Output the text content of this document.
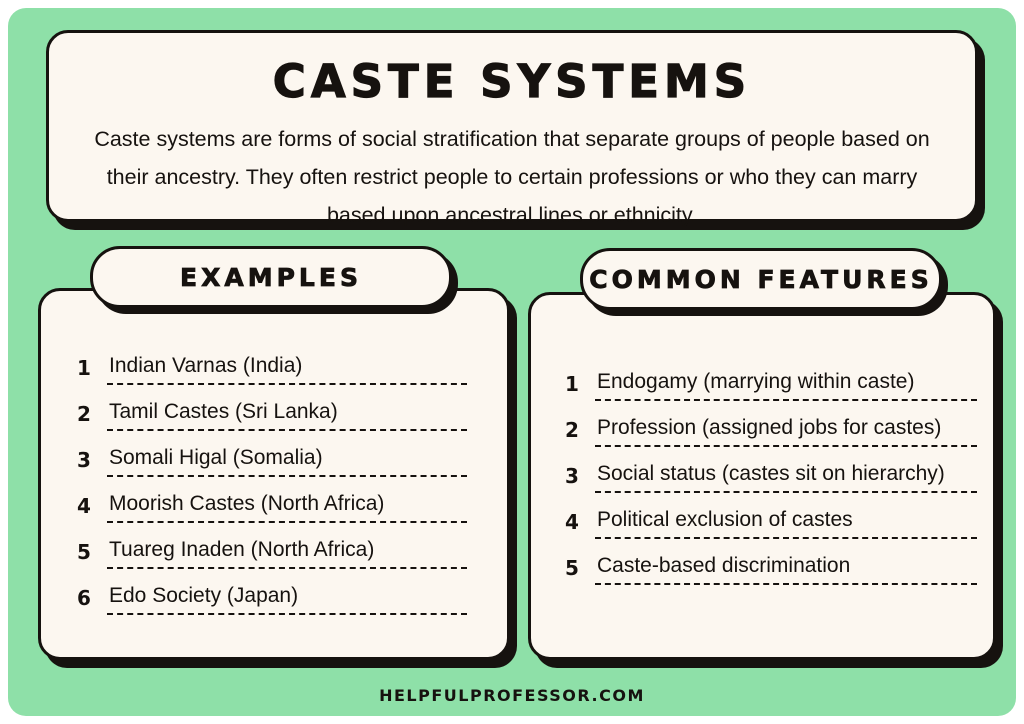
CASTE SYSTEMS
Caste systems are forms of social stratification that separate groups of people based on their ancestry. They often restrict people to certain professions or who they can marry based upon ancestral lines or ethnicity.
EXAMPLES
1 Indian Varnas (India)
2 Tamil Castes (Sri Lanka)
3 Somali Higal (Somalia)
4 Moorish Castes (North Africa)
5 Tuareg Inaden (North Africa)
6 Edo Society (Japan)
COMMON FEATURES
1 Endogamy (marrying within caste)
2 Profession (assigned jobs for castes)
3 Social status (castes sit on hierarchy)
4 Political exclusion of castes
5 Caste-based discrimination
HELPFULPROFESSOR.COM
